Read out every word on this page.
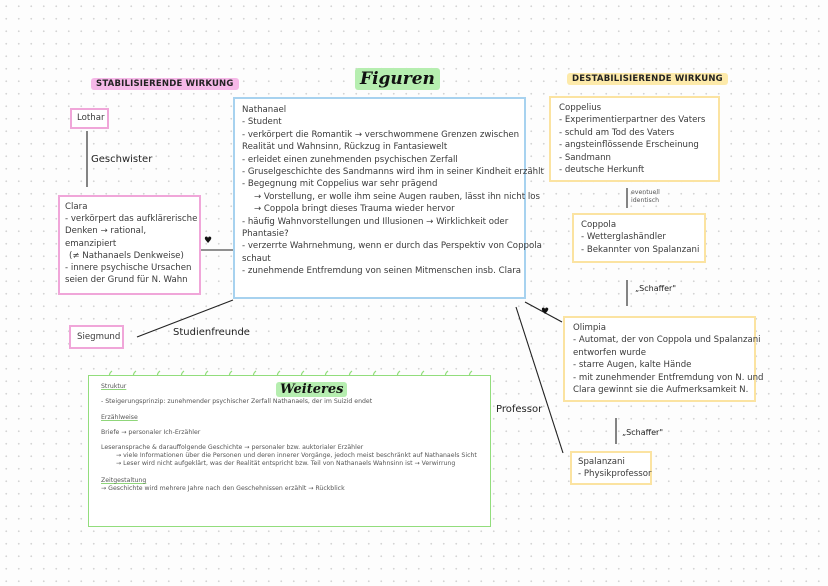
STABILISIERENDE WIRKUNG	Figuren	DESTABILISIERENDE WIRKUNG
Nathanael
- Student
- verkörpert die Romantik → verschwommene Grenzen zwischen
Realität und Wahnsinn, Rückzug in Fantasiewelt
- erleidet einen zunehmenden psychischen Zerfall
- Gruselgeschichte des Sandmanns wird ihm in seiner Kindheit erzählt
- Begegnung mit Coppelius war sehr prägend
→ Vorstellung, er wolle ihm seine Augen rauben, lässt ihn nicht los
→ Coppola bringt dieses Trauma wieder hervor
- häufig Wahnvorstellungen und Illusionen → Wirklichkeit oder
Phantasie?
- verzerrte Wahrnehmung, wenn er durch das Perspektiv von Coppola
schaut
- zunehmende Entfremdung von seinen Mitmenschen insb. Clara
Lothar
Geschwister
Clara
- verkörpert das aufklärerische
Denken → rational,
emanzipiert
(≠ Nathanaels Denkweise)
- innere psychische Ursachen
seien der Grund für N. Wahn
♥
Siegmund	Studienfreunde
Coppelius
- Experimentierpartner des Vaters
- schuld am Tod des Vaters
- angsteinflössende Erscheinung
- Sandmann
- deutsche Herkunft
eventuell
identisch
Coppola
- Wetterglashändler
- Bekannter von Spalanzani
„Schaffer"
Olimpia
- Automat, der von Coppola und Spalanzani
entworfen wurde
- starre Augen, kalte Hände
- mit zunehmender Entfremdung von N. und
Clara gewinnt sie die Aufmerksamkeit N.
♥
„Schaffer"
Professor
Spalanzani
- Physikprofessor
Weiteres
Struktur
- Steigerungsprinzip: zunehmender psychischer Zerfall Nathanaels, der im Suizid endet
Erzählweise
Briefe → personaler Ich-Erzähler
Leseransprache & darauffolgende Geschichte → personaler bzw. auktorialer Erzähler
→ viele Informationen über die Personen und deren innerer Vorgänge, jedoch meist beschränkt auf Nathanaels Sicht
→ Leser wird nicht aufgeklärt, was der Realität entspricht bzw. Teil von Nathanaels Wahnsinn ist → Verwirrung
Zeitgestaltung
→ Geschichte wird mehrere Jahre nach den Geschehnissen erzählt → Rückblick
